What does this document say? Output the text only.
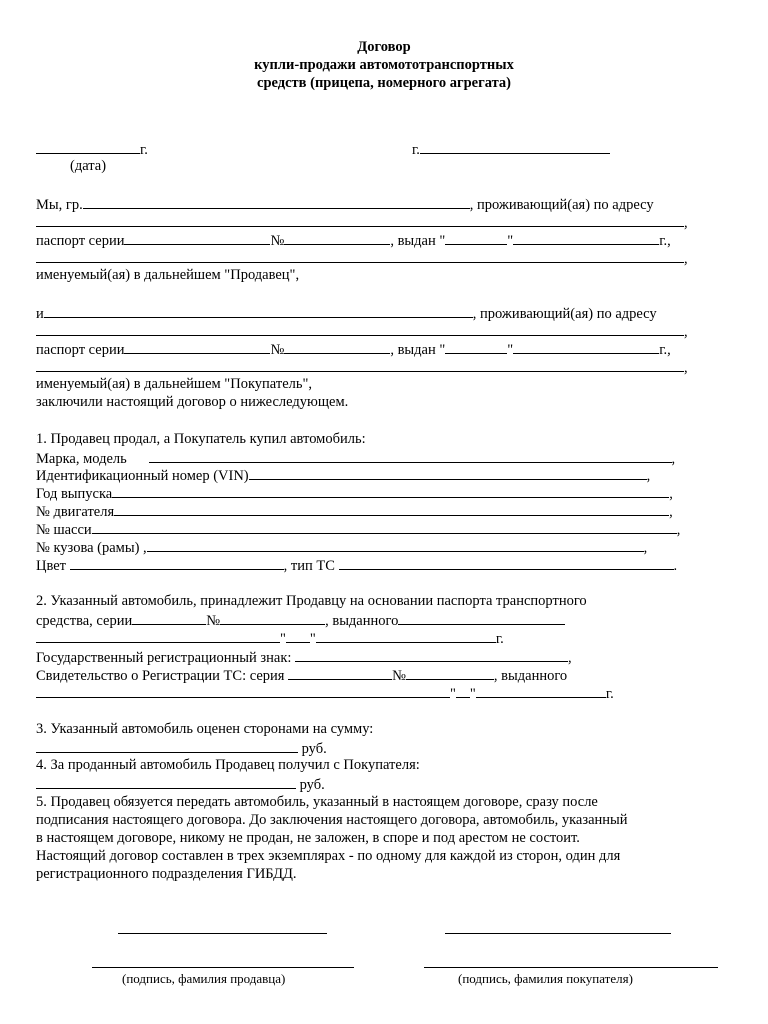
Договор
купли-продажи автомототранспортных
средств (прицепа, номерного агрегата)
г.
(дата)
г.
Мы, гр.	, проживающий(ая) по адресу
,
паспорт серии	№	, выдан "	"	г.,
,
именуемый(ая) в дальнейшем "Продавец",
и	, проживающий(ая) по адресу
,
паспорт серии	№	, выдан "	"	г.,
,
именуемый(ая) в дальнейшем "Покупатель",
заключили настоящий договор о нижеследующем.
1. Продавец продал, а Покупатель купил автомобиль:
Марка, модель	,
Идентификационный номер (VIN)	,
Год выпуска	,
№ двигателя	,
№ шасси	,
№ кузова (рамы) ,	,
Цвет	, тип ТС	.
2. Указанный автомобиль, принадлежит Продавцу на основании паспорта транспортного
средства, серии	№	, выданного
" "	г.
Государственный регистрационный знак:	,
Свидетельство о Регистрации ТС: серия	№	, выданного
" "	г.
3. Указанный автомобиль оценен сторонами на сумму:
руб.
4. За проданный автомобиль Продавец получил с Покупателя:
руб.
5. Продавец обязуется передать автомобиль, указанный в настоящем договоре, сразу после
подписания настоящего договора. До заключения настоящего договора, автомобиль, указанный
в настоящем договоре, никому не продан, не заложен, в споре и под арестом не состоит.
Настоящий договор составлен в трех экземплярах - по одному для каждой из сторон, один для
регистрационного подразделения ГИБДД.
(подпись, фамилия продавца)	(подпись, фамилия покупателя)
